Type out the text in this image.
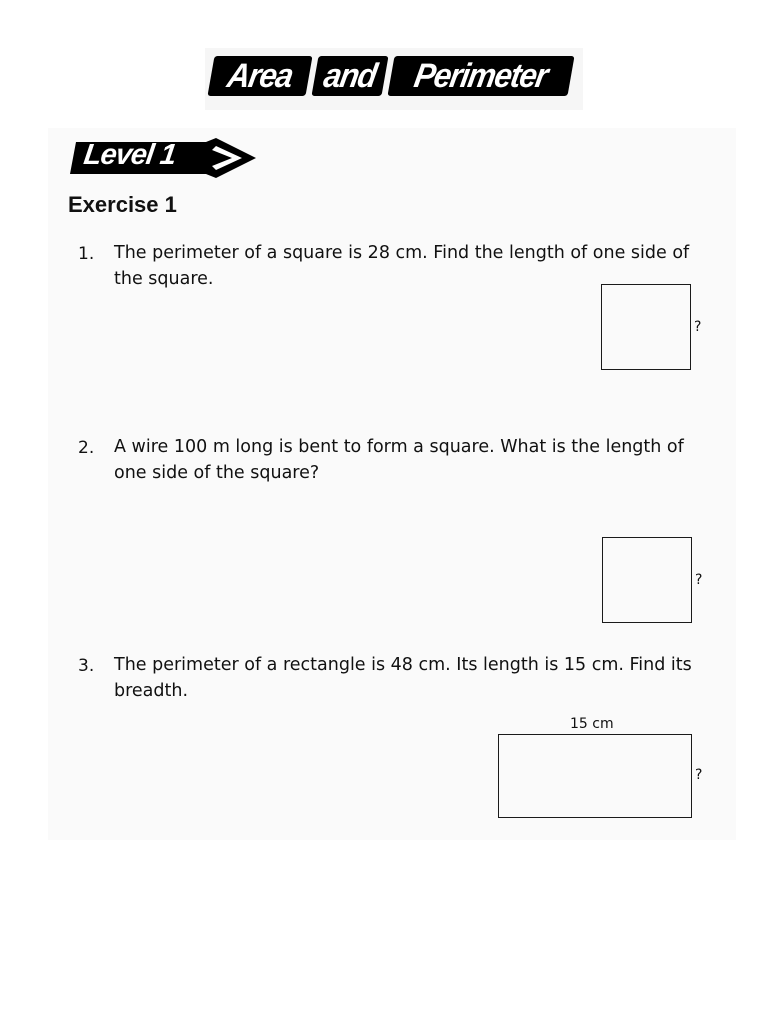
Area and Perimeter
Level 1
Exercise 1
1. The perimeter of a square is 28 cm. Find the length of one side of the square.
?
2. A wire 100 m long is bent to form a square. What is the length of one side of the square?
?
3. The perimeter of a rectangle is 48 cm. Its length is 15 cm. Find its breadth.
15 cm
?
